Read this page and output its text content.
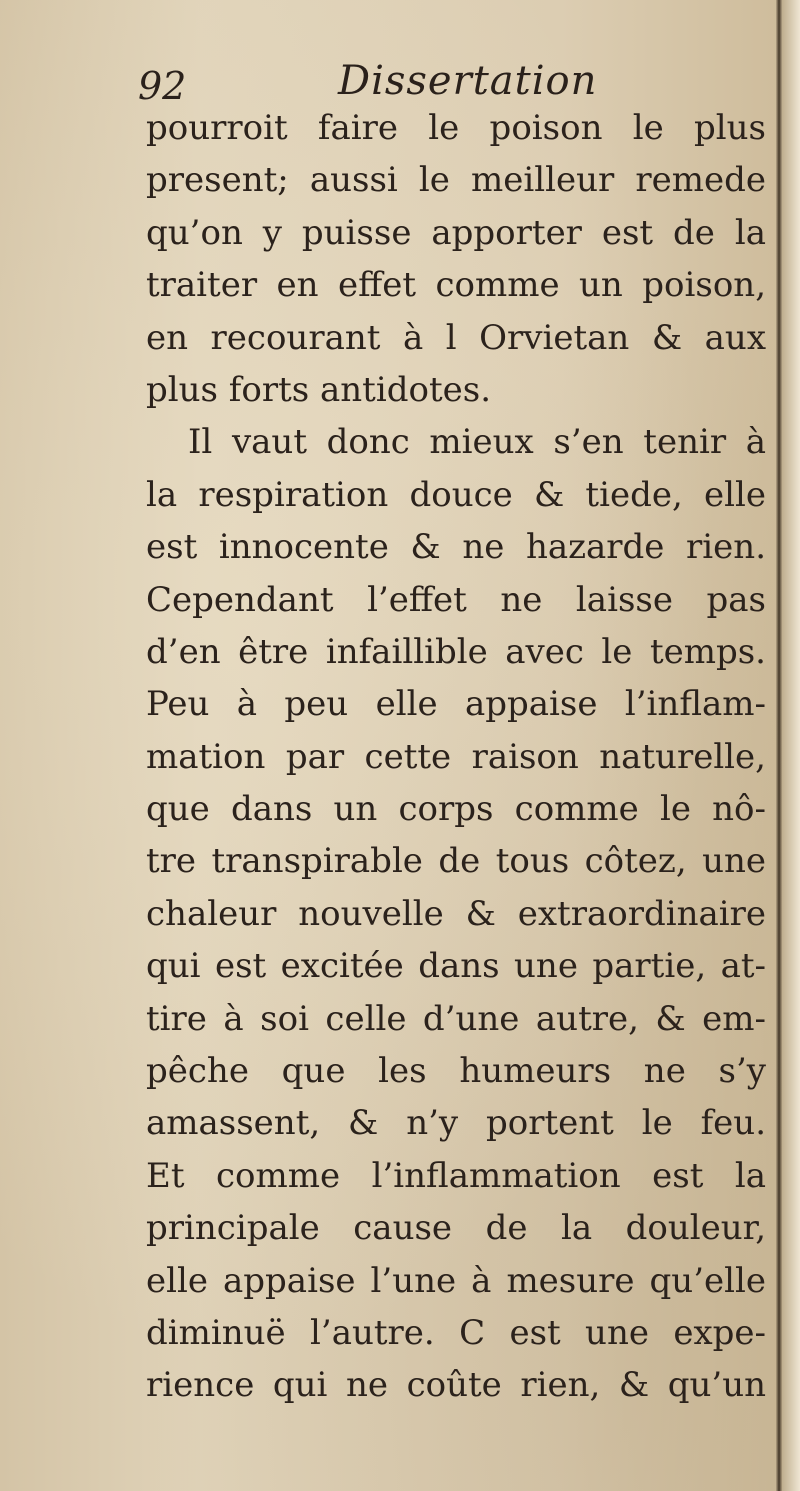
92	Dissertation
pourroit faire le poison le plus
present; aussi le meilleur remede
qu’on y puisse apporter est de la
traiter en effet comme un poison,
en recourant à l Orvietan & aux
plus forts antidotes.
Il vaut donc mieux s’en tenir à
la respiration douce & tiede, elle
est innocente & ne hazarde rien.
Cependant l’effet ne laisse pas
d’en être infaillible avec le temps.
Peu à peu elle appaise l’inflam-
mation par cette raison naturelle,
que dans un corps comme le nô-
tre transpirable de tous côtez, une
chaleur nouvelle & extraordinaire
qui est excitée dans une partie, at-
tire à soi celle d’une autre, & em-
pêche que les humeurs ne s’y
amassent, & n’y portent le feu.
Et comme l’inflammation est la
principale cause de la douleur,
elle appaise l’une à mesure qu’elle
diminuë l’autre. C est une expe-
rience qui ne coûte rien, & qu’un
